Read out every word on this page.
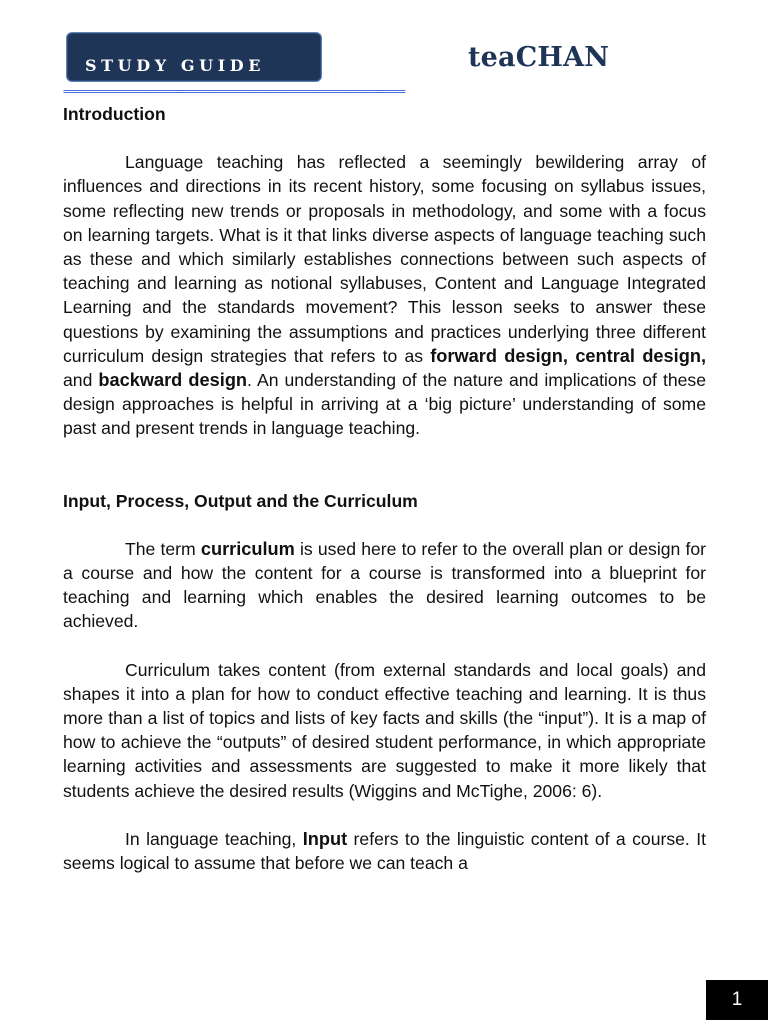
STUDY GUIDE	teaCHAN
===============================================================
Introduction

Language teaching has reflected a seemingly bewildering array of influences and directions in its recent history, some focusing on syllabus issues, some reflecting new trends or proposals in methodology, and some with a focus on learning targets. What is it that links diverse aspects of language teaching such as these and which similarly establishes connections between such aspects of teaching and learning as notional syllabuses, Content and Language Integrated Learning and the standards movement? This lesson seeks to answer these questions by examining the assumptions and practices underlying three different curriculum design strategies that refers to as forward design, central design, and backward design. An understanding of the nature and implications of these design approaches is helpful in arriving at a ‘big picture’ understanding of some past and present trends in language teaching.

Input, Process, Output and the Curriculum

The term curriculum is used here to refer to the overall plan or design for a course and how the content for a course is transformed into a blueprint for teaching and learning which enables the desired learning outcomes to be achieved.

Curriculum takes content (from external standards and local goals) and shapes it into a plan for how to conduct effective teaching and learning. It is thus more than a list of topics and lists of key facts and skills (the “input”). It is a map of how to achieve the “outputs” of desired student performance, in which appropriate learning activities and assessments are suggested to make it more likely that students achieve the desired results (Wiggins and McTighe, 2006: 6).

In language teaching, Input refers to the linguistic content of a course. It seems logical to assume that before we can teach a

1
